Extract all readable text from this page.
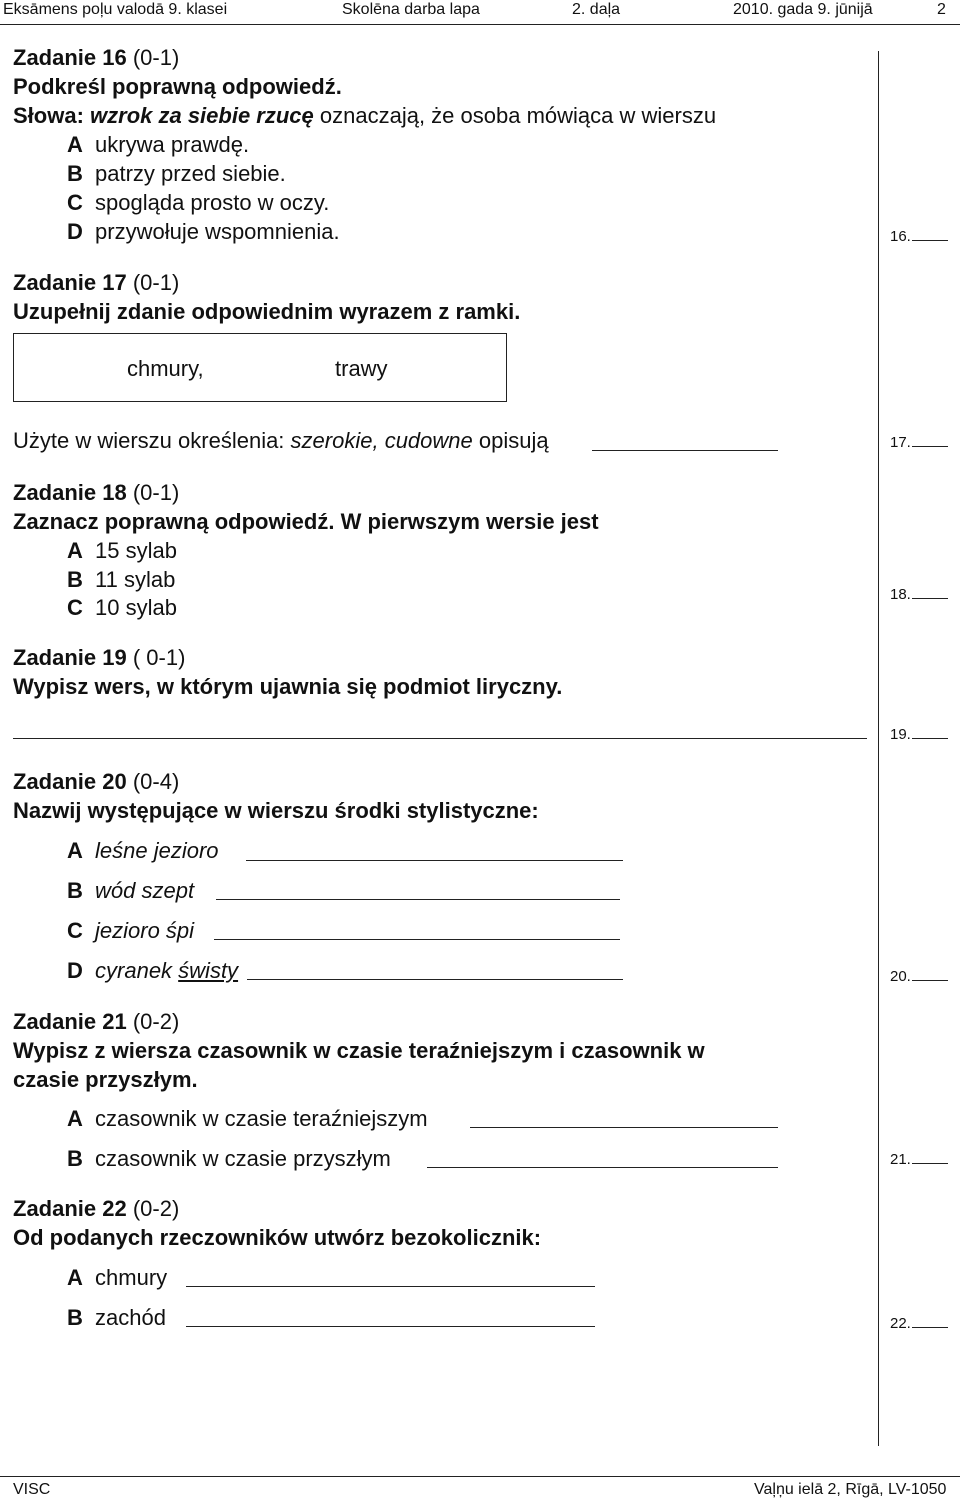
Eksāmens poļu valodā 9. klasei	Skolēna darba lapa	2. daļa	2010. gada 9. jūnijā	2
Zadanie 16 (0-1)
Podkreśl poprawną odpowiedź.
Słowa: wzrok za siebie rzucę oznaczają, że osoba mówiąca w wierszu
A ukrywa prawdę.
B patrzy przed siebie.
C spogląda prosto w oczy.
D przywołuje wspomnienia.	16.
Zadanie 17 (0-1)
Uzupełnij zdanie odpowiednim wyrazem z ramki.
chmury,	trawy
Użyte w wierszu określenia: szerokie, cudowne opisują	17.
Zadanie 18 (0-1)
Zaznacz poprawną odpowiedź. W pierwszym wersie jest
A 15 sylab
B 11 sylab
C 10 sylab
18.
Zadanie 19 ( 0-1)
Wypisz wers, w którym ujawnia się podmiot liryczny.
19.
Zadanie 20 (0-4)
Nazwij występujące w wierszu środki stylistyczne:
A leśne jezioro
B wód szept
C jezioro śpi
D cyranek świsty	20.
Zadanie 21 (0-2)
Wypisz z wiersza czasownik w czasie teraźniejszym i czasownik w
czasie przyszłym.
A czasownik w czasie teraźniejszym
B czasownik w czasie przyszłym	21.
Zadanie 22 (0-2)
Od podanych rzeczowników utwórz bezokolicznik:
A chmury
B zachód	22.
VISC	Vaļņu ielā 2, Rīgā, LV-1050
